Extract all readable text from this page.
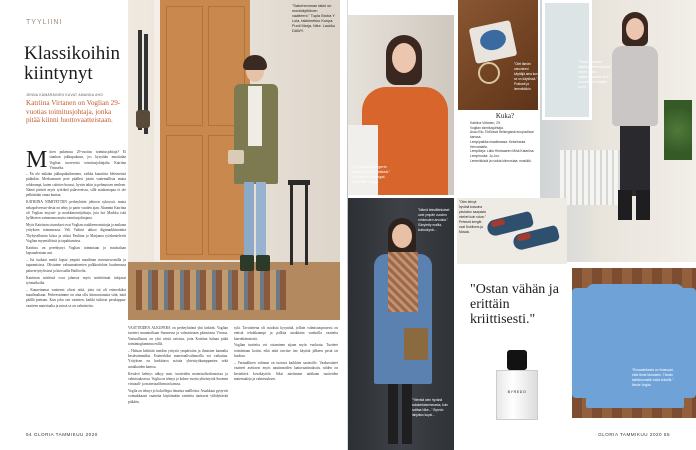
TYYLIINI
Klassikoihin kiintynyt
JENNA KÄMÄRÄINEN KUVAT AMANDA AHO
Katriina Virtanen on Voglian 29-vuotias toimitusjohtaja, jonka pitää kiinni luottovaatteistaan.
M itten pukeutuu 29-vuotias toimitusjohtaja? Et sinuhan jakkupukuun, jos kysytään muotialan Voglian tuorevetta toimitusjohtajalta Katriina Virtaselta.

– En ole mikään jakkupukuihminen, vaikka kauniista bleisereistä pidänkin. Merkonomin pere päällesi jotain vaatemallista mutta rohkeampi, kuten culottes-housut, hyvän takin ja pehmoisen neuleen. Nämä pitävät myös työrikeä palavereissa, sillä asiakastapaa ei ole pelkästään omaa kuntaa.

KATRIINA NIMITETTIIN perheyhtiön johtoon syksyssä, mutta nekapolveessa-desta on tehty jo parin vuoden ajan. Alumnin Katriina oli Voglian myynti- ja markkinointijohtaja, jota hoi Markku isää hyllästeen vaimeansa mutta toimitusjohtajana.

Myös Katriinan sisarukset ovat Voglian osakkeenomistajia ja mukana yrityksen toiminnassa. Veli Valtteri ukkoo digimarkkinointia Thybyselluinta kiista ja siskot Pauliina ja Marjaana työskentelevät Voglian myymälöissä ja tapahtumissa.

Katriina on perehtynyt Voglian toimintaan jo muotialaan lapsuudestaan asti.

– Isä tuokaat meitä lapsia ympäri maailman messutewsmilla ja tapaamisissa. Olisiuime vaksumattomien palkkoriidain kuulemassa palavertyöylixissä ja kirosuilla Hailfoelia.

Katriinan mielestä ovat jalansot myös mieletömät tulojasat työmatkoilta.

– Kauneimmat vaatteeni olivat niitä, joita isä oli esimerkiksi maailmaltaan. Perheessämme on aina ollu kiinnostunutta siitä, mitä päällä puetaan. Kun joku osti vaatteen, kaikki tutkivat pesulappua: vaatteen materiaalia ja missä se on valmistettu.

"Saturhemman takki on monikäyttöinen vaatteeni." Tupla Broba Y Lola, takkimekko Kunpa. Puoli Marja, Nike. Laukku DAWY.

VAATTEIDEN ALKUPERÄ on perheyhtiönä yhä tärkeää. Voglian tuotteet muuntoiltaan Suomessa ja valmistetaan pääasiassa Virossa. Vastuullisuus on yksi niistä asioista, joita Katriina haluaa pitää toimintoglaminna esillä.

– Haluan kehittää meidän yritystä ympäristön ja ihmisten kannalta kestävämmäksi. Esimerkiksi materiaalivalinnoilla voi vaikuttaa. Yrityksen on harkittava asioita yhteistyökumppanien sekä asiakkaiden kanssa.

Kestävä kehitys näkyy mm. tuotteiden materiaalivalinnoissa ja valmistuksessa. Voglia on tehnyt jo kolme vuotta yhteistyötä Suomen virtuaali- ja materiaalifirman kanssa.

Voglia on tehnyt jo kokoflegia ilmaisia mallleista. Asiakkaat pystyvät voimakkaasti vaatteita käyttämään vaatteita tuottavat viihdyttävää pitkään.

sylä. Tavoitteena oli ostoksia kysyntää, jolloin valmistusprosessi on entistä tehokkaampi ja palkita asiakkaita vanhoilla vaatteita kierrättämisestä.

Voglian tuotteita voi ostaminen sijaan myös vuokrata. Tuotteet toimitetaan kotiin, eikä niitä tarvitse itse käyttää jälkeen pestä tai huoltaa.

– Vastuullinen valinnat on tuotava kaikkien saataville. Vaakuvatteet vaatteet asettavat myös nautinnoiden laatuvaatimuksiin, niiden on kestettävä kovakäyttöä. Siksi mietimme tarkkaan tuotteiden materiaaleja ja valmistuksen.

54 GLORIA TAMMIKUU 2020
"Oli Makena Birgerin neulettä työelämässä." Korvakoru Ultengat. Neulettä Voglia.
"Olet tämän varusteesi käyttäjä aina kun se on käytössä." Pokkarit ja lemmikkikin.
"Tämä nopeana tolaisen selvinnyt juuri ennen joulun vaatevaikutusta. Ilme on kuitenkin Voglian korsu."
Kuka?
Katriina Virtanen, 29.
Voglian toimitusjohtaja.
Asuu Etu-Töölössä Helsingissä avopuolison kanssa.
Lempipaikka maailmassa: Keksihauta Hervantalla.
Lempikirja: Laila Hirvisaaren Minä Katariina.
Lempiruoka: Jo-Joo.
Lemmikkisiä ja ruokia kiinnostaa: musiikki.
"Nämä tekstilitekoiset ovat ympäri vuoden rohkeuden arvoisia." Sävytetty mallia, kuitunkynä...
"Olen tehnyt hyvänä tossuina peukalon saapasta miehet kuin rokon." Pehmeä kengät ovat Dubliners ja Mosaic.
"Ostan vähän ja erittäin kriittisesti."
BYREDO
"Ytterstä olen hyvänä sulakertaisemmasta, kuin soittaa Nike..." Byredo lahjoitus kupsi...
"Rosaaleikasta on ilmanaari, eikä tämä Mandarin. Tämän kallistusmallin takia tekeillä." Neule Voglia.
GLORIA TAMMIKUU 2020 55
